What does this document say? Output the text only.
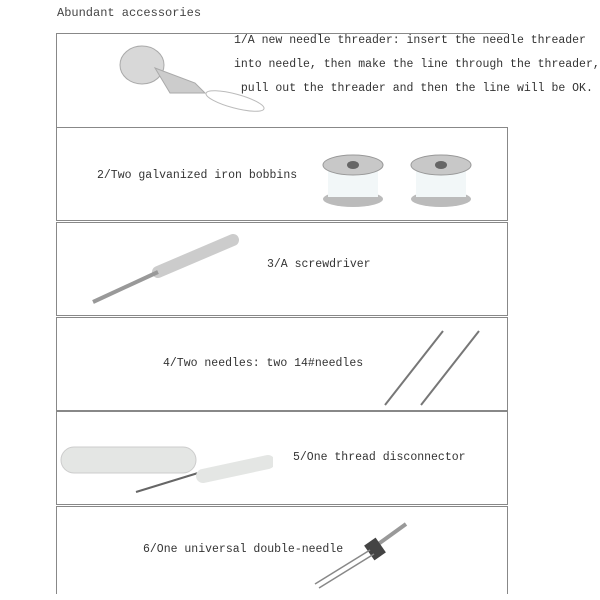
Abundant accessories
1/A new needle threader: insert the needle threader
into needle, then make the line through the threader,
pull out the threader and then the line will be OK.
2/Two galvanized iron bobbins
3/A screwdriver
4/Two needles: two 14#needles
5/One thread disconnector
6/One universal double-needle
